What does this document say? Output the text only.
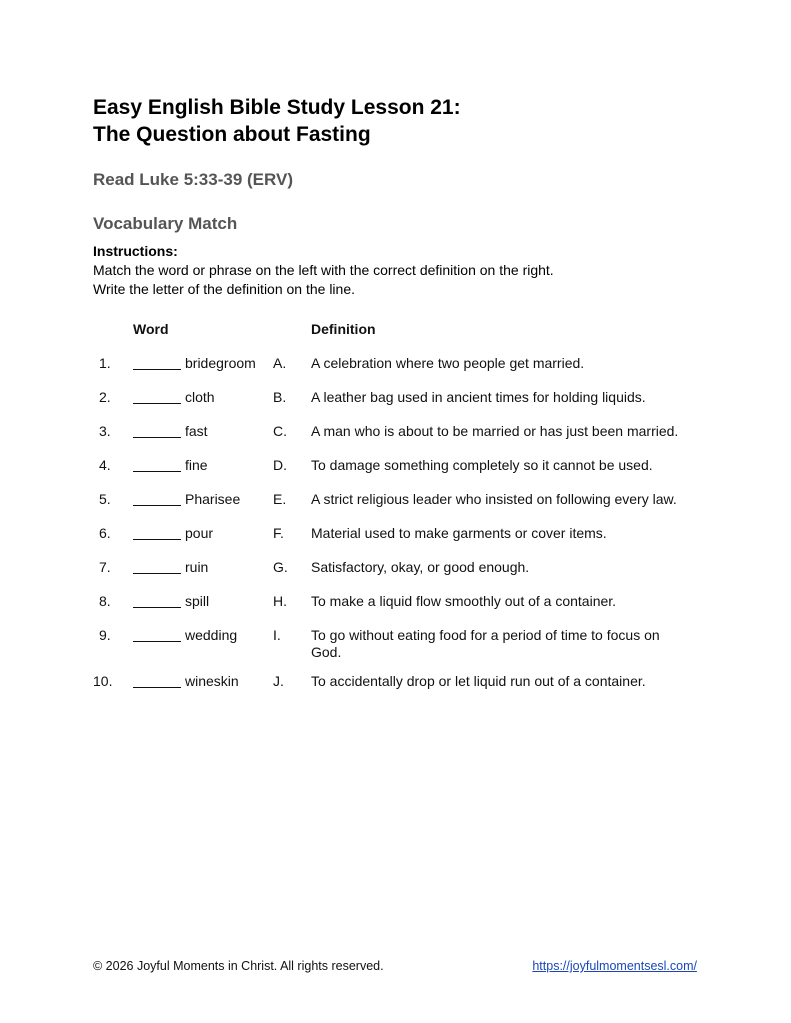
Easy English Bible Study Lesson 21:
The Question about Fasting
Read Luke 5:33-39 (ERV)
Vocabulary Match
Instructions:
Match the word or phrase on the left with the correct definition on the right.
Write the letter of the definition on the line.
Word	Definition
1.	bridegroom A. A celebration where two people get married.
2.	cloth	B. A leather bag used in ancient times for holding liquids.
3.	fast	C. A man who is about to be married or has just been married.
4.	fine	D. To damage something completely so it cannot be used.
5.	Pharisee E. A strict religious leader who insisted on following every law.
6.	pour	F. Material used to make garments or cover items.
7.	ruin	G. Satisfactory, okay, or good enough.
8.	spill	H. To make a liquid flow smoothly out of a container.
9.	wedding	I. To go without eating food for a period of time to focus on God.
10.	wineskin J. To accidentally drop or let liquid run out of a container.
© 2026 Joyful Moments in Christ. All rights reserved.	https://joyfulmomentsesl.com/
